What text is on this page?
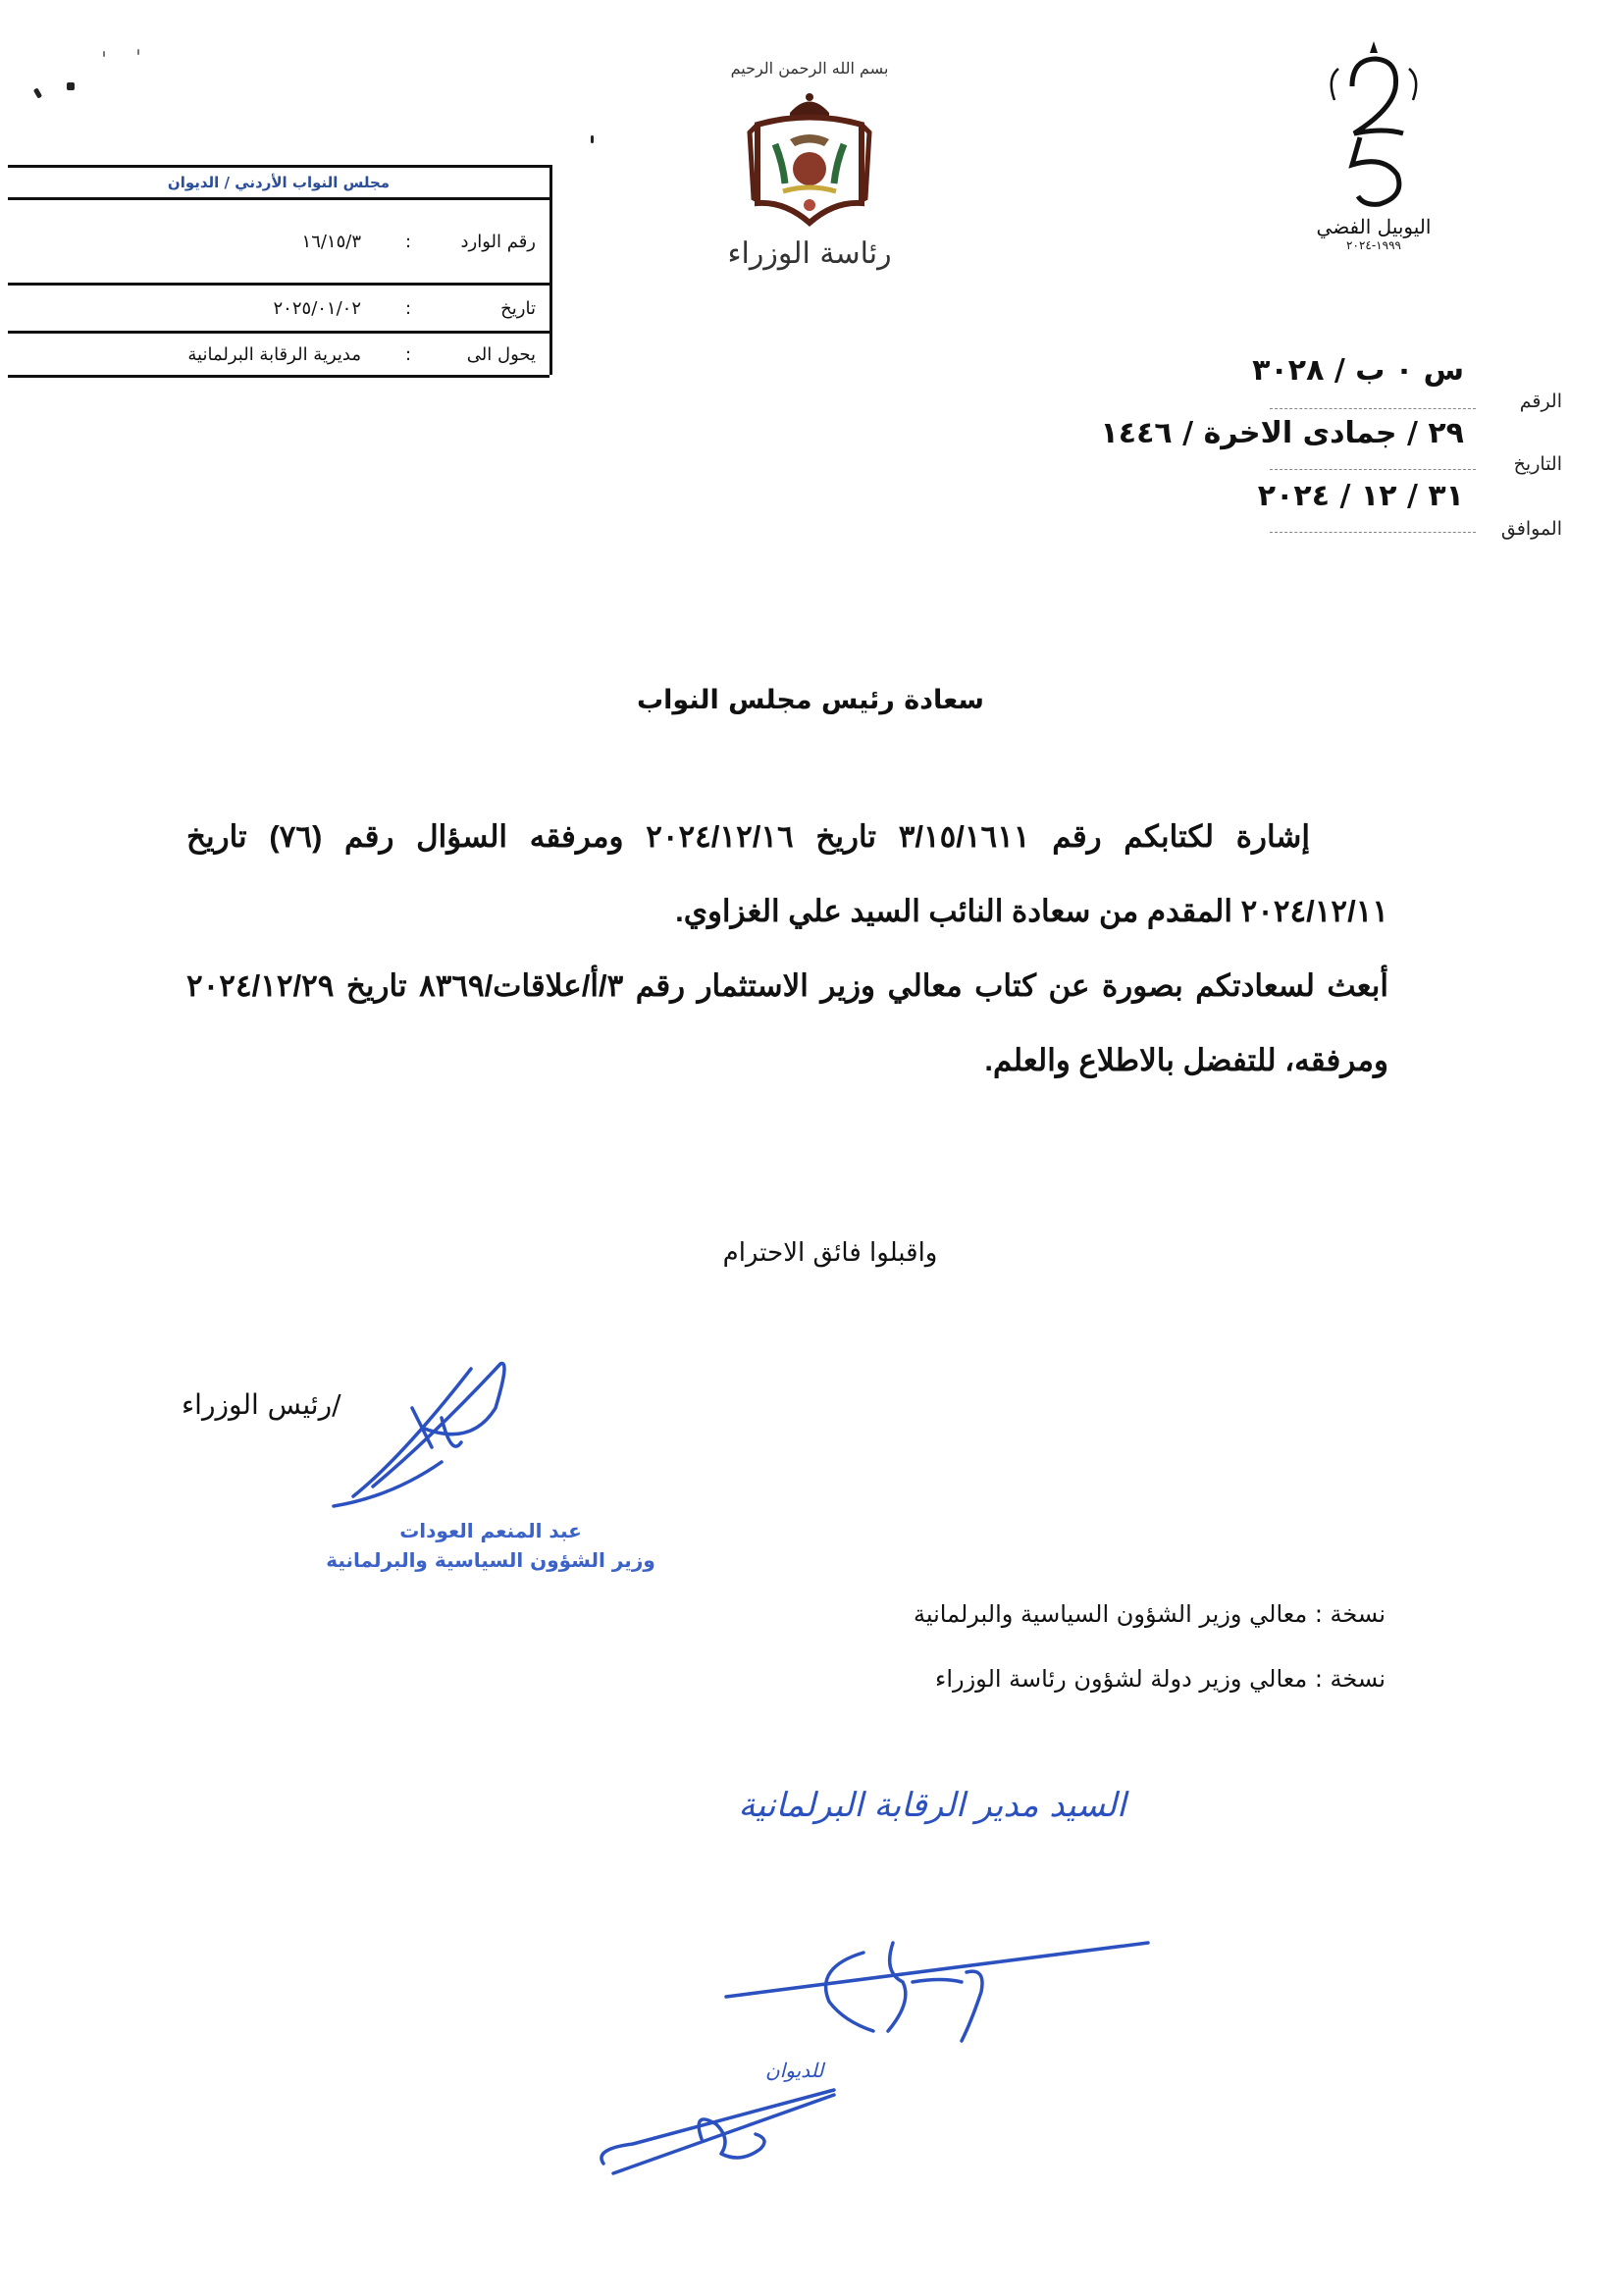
مجلس النواب الأردني / الديوان
رقم الوارد
:
١٦/١٥/٣
تاريخ
:
٢٠٢٥/٠١/٠٢
يحول الى
:
مديرية الرقابة البرلمانية
بسم الله الرحمن الرحيم
رئاسة الوزراء
اليوبيل الفضي
١٩٩٩-٢٠٢٤
س ٠ ب / ٣٠٢٨
الرقم
٢٩ / جمادى الاخرة / ١٤٤٦
التاريخ
٣١ / ١٢ / ٢٠٢٤
الموافق
سعادة رئيس مجلس النواب

إشارة لكتابكم رقم ٣/١٥/١٦١١ تاريخ ٢٠٢٤/١٢/١٦ ومرفقه السؤال رقم (٧٦) تاريخ ٢٠٢٤/١٢/١١ المقدم من سعادة النائب السيد علي الغزاوي.

أبعث لسعادتكم بصورة عن كتاب معالي وزير الاستثمار رقم ٣/أ/علاقات/٨٣٦٩ تاريخ ٢٠٢٤/١٢/٢٩ ومرفقه، للتفضل بالاطلاع والعلم.

واقبلوا فائق الاحترام
/رئيس الوزراء
عبد المنعم العودات
وزير الشؤون السياسية والبرلمانية
نسخة : معالي وزير الشؤون السياسية والبرلمانية
نسخة : معالي وزير دولة لشؤون رئاسة الوزراء
السيد مدير الرقابة البرلمانية
للديوان
